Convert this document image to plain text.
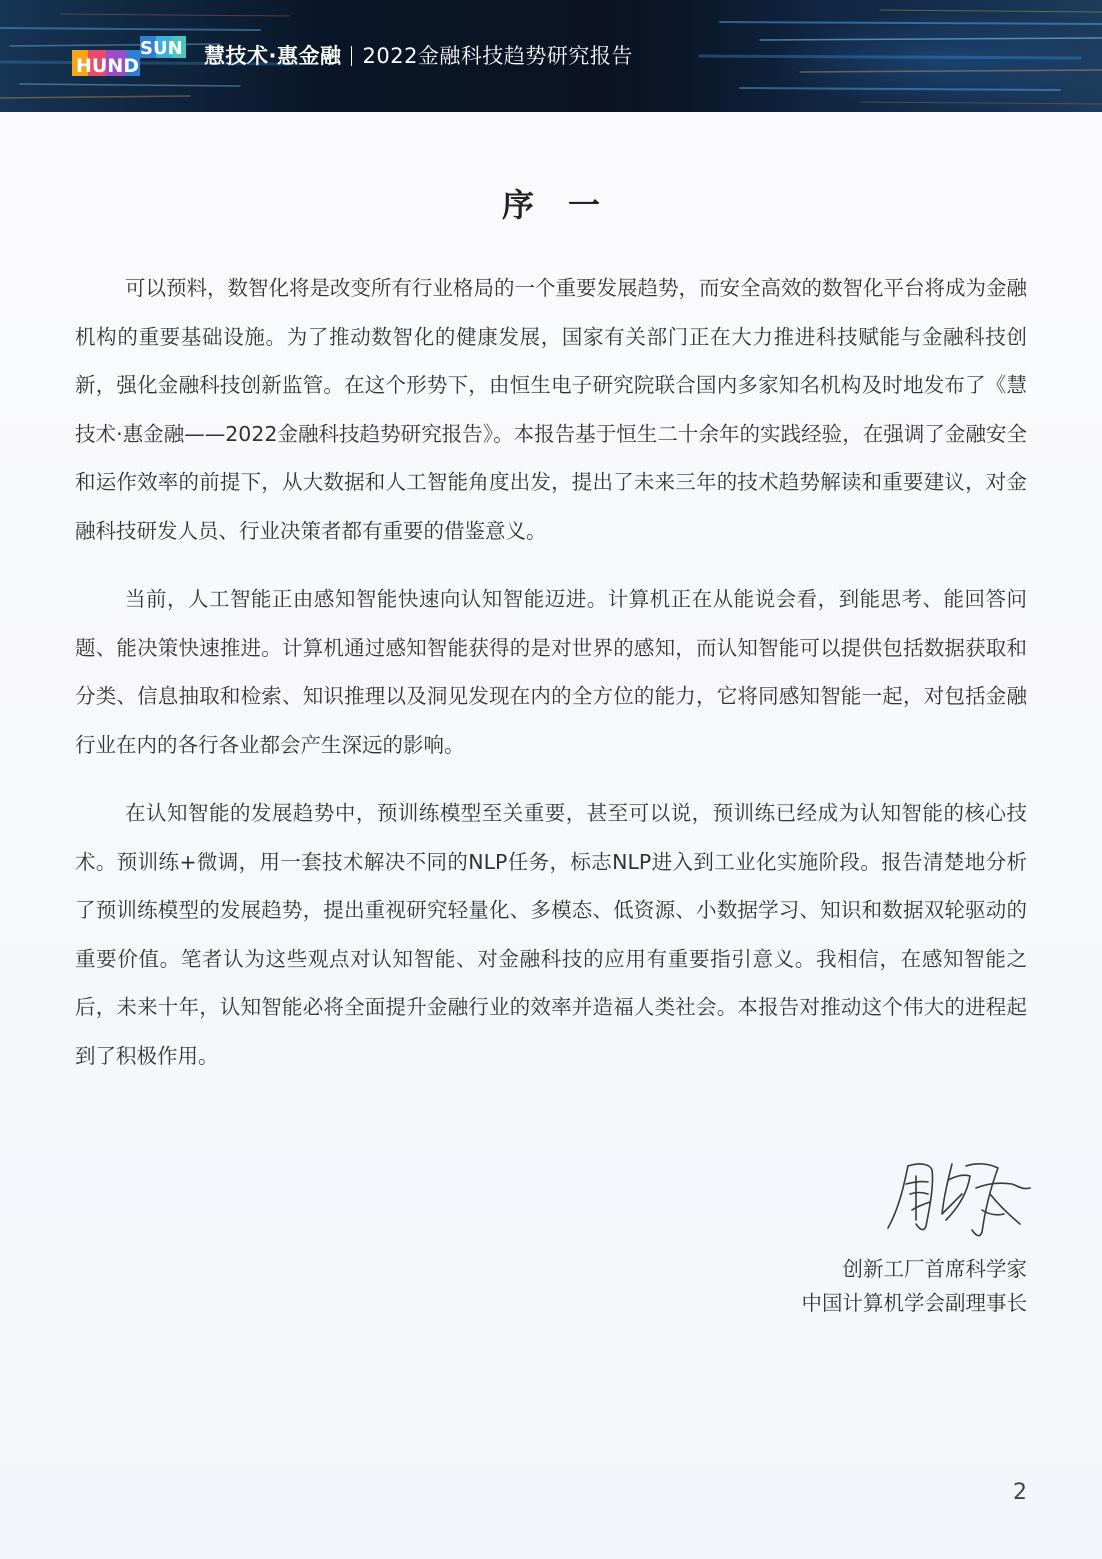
HUND
SUN 慧技术·惠金融 2022金融科技趋势研究报告
序一

可以预料，数智化将是改变所有行业格局的一个重要发展趋势，而安全高效的数智化平台将成为金融机构的重要基础设施。为了推动数智化的健康发展，国家有关部门正在大力推进科技赋能与金融科技创新，强化金融科技创新监管。在这个形势下，由恒生电子研究院联合国内多家知名机构及时地发布了《慧技术·惠金融——2022金融科技趋势研究报告》。本报告基于恒生二十余年的实践经验，在强调了金融安全和运作效率的前提下，从大数据和人工智能角度出发，提出了未来三年的技术趋势解读和重要建议，对金融科技研发人员、行业决策者都有重要的借鉴意义。

当前，人工智能正由感知智能快速向认知智能迈进。计算机正在从能说会看，到能思考、能回答问题、能决策快速推进。计算机通过感知智能获得的是对世界的感知，而认知智能可以提供包括数据获取和分类、信息抽取和检索、知识推理以及洞见发现在内的全方位的能力，它将同感知智能一起，对包括金融行业在内的各行各业都会产生深远的影响。

在认知智能的发展趋势中，预训练模型至关重要，甚至可以说，预训练已经成为认知智能的核心技术。预训练+微调，用一套技术解决不同的NLP任务，标志NLP进入到工业化实施阶段。报告清楚地分析了预训练模型的发展趋势，提出重视研究轻量化、多模态、低资源、小数据学习、知识和数据双轮驱动的重要价值。笔者认为这些观点对认知智能、对金融科技的应用有重要指引意义。我相信，在感知智能之后，未来十年，认知智能必将全面提升金融行业的效率并造福人类社会。本报告对推动这个伟大的进程起到了积极作用。

创新工厂首席科学家
中国计算机学会副理事长
2
